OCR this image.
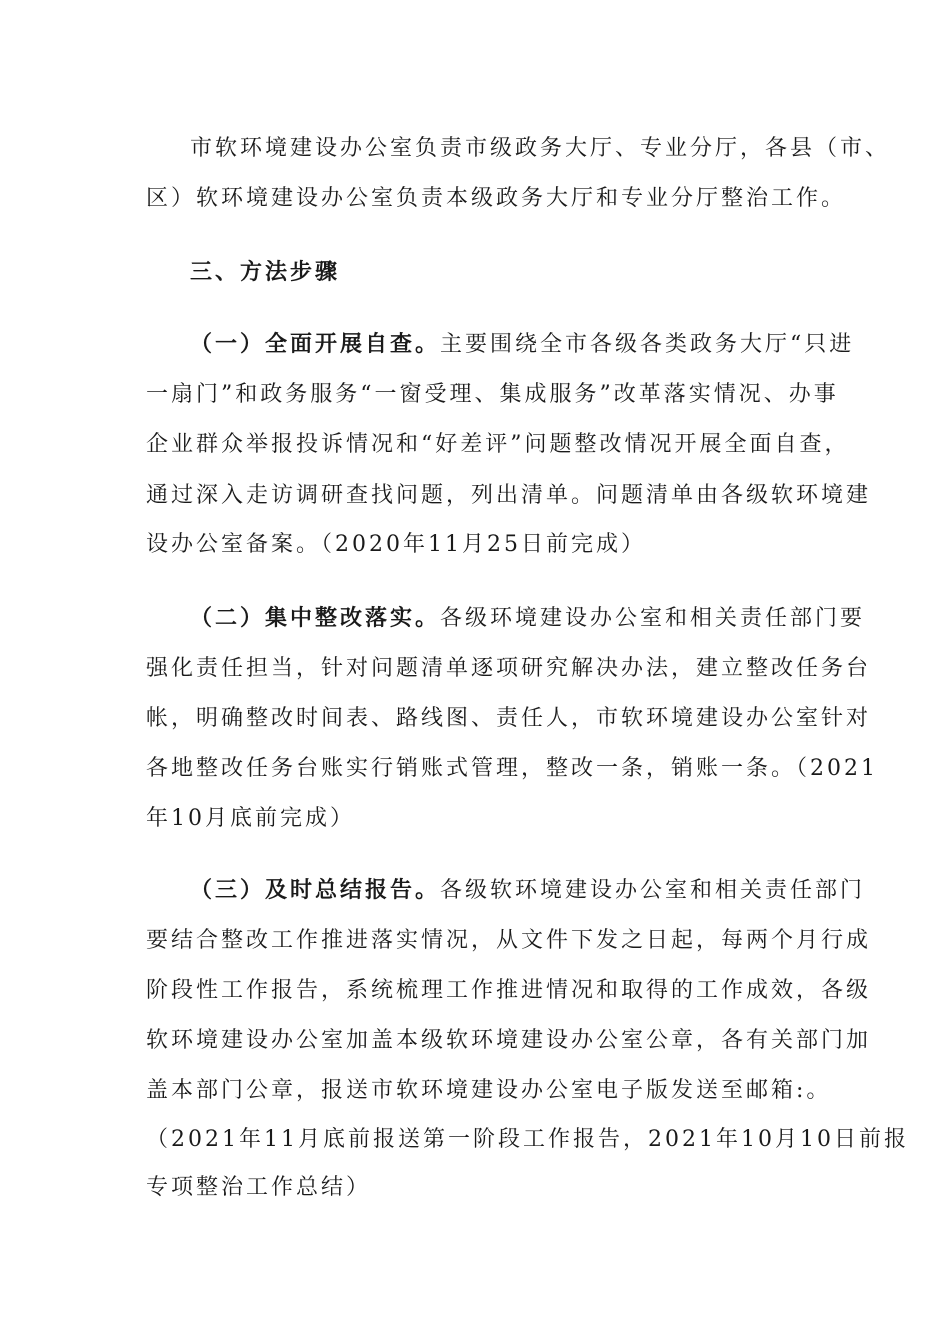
市软环境建设办公室负责市级政务大厅、专业分厅，各县（市、
区）软环境建设办公室负责本级政务大厅和专业分厅整治工作。
三、方法步骤
（一）全面开展自查。主要围绕全市各级各类政务大厅“只进
一扇门”和政务服务“一窗受理、集成服务”改革落实情况、办事
企业群众举报投诉情况和“好差评”问题整改情况开展全面自查，
通过深入走访调研查找问题，列出清单。问题清单由各级软环境建
设办公室备案。（2020年11月25日前完成）
（二）集中整改落实。各级环境建设办公室和相关责任部门要
强化责任担当，针对问题清单逐项研究解决办法，建立整改任务台
帐，明确整改时间表、路线图、责任人，市软环境建设办公室针对
各地整改任务台账实行销账式管理，整改一条，销账一条。（2021
年10月底前完成）
（三）及时总结报告。各级软环境建设办公室和相关责任部门
要结合整改工作推进落实情况，从文件下发之日起，每两个月行成
阶段性工作报告，系统梳理工作推进情况和取得的工作成效，各级
软环境建设办公室加盖本级软环境建设办公室公章，各有关部门加
盖本部门公章，报送市软环境建设办公室电子版发送至邮箱:。
（2021年11月底前报送第一阶段工作报告，2021年10月10日前报
专项整治工作总结）
